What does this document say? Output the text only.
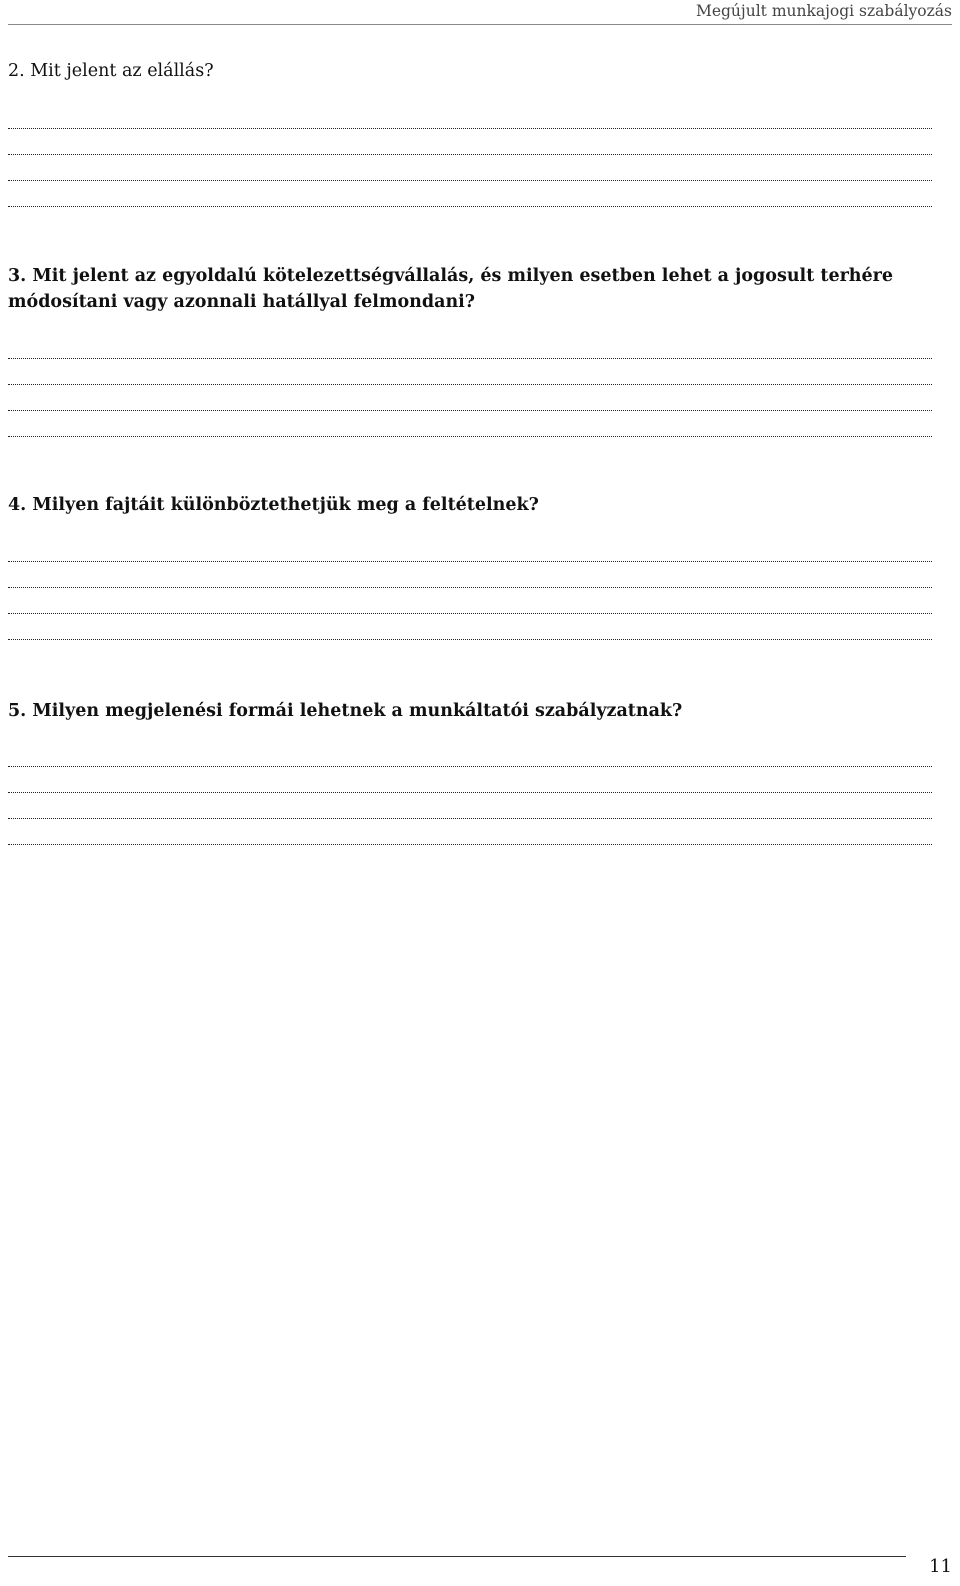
Megújult munkajogi szabályozás
2. Mit jelent az elállás?
3. Mit jelent az egyoldalú kötelezettségvállalás, és milyen esetben lehet a jogosult terhére módosítani vagy azonnali hatállyal felmondani?
4. Milyen fajtáit különböztethetjük meg a feltételnek?
5. Milyen megjelenési formái lehetnek a munkáltatói szabályzatnak?
11
